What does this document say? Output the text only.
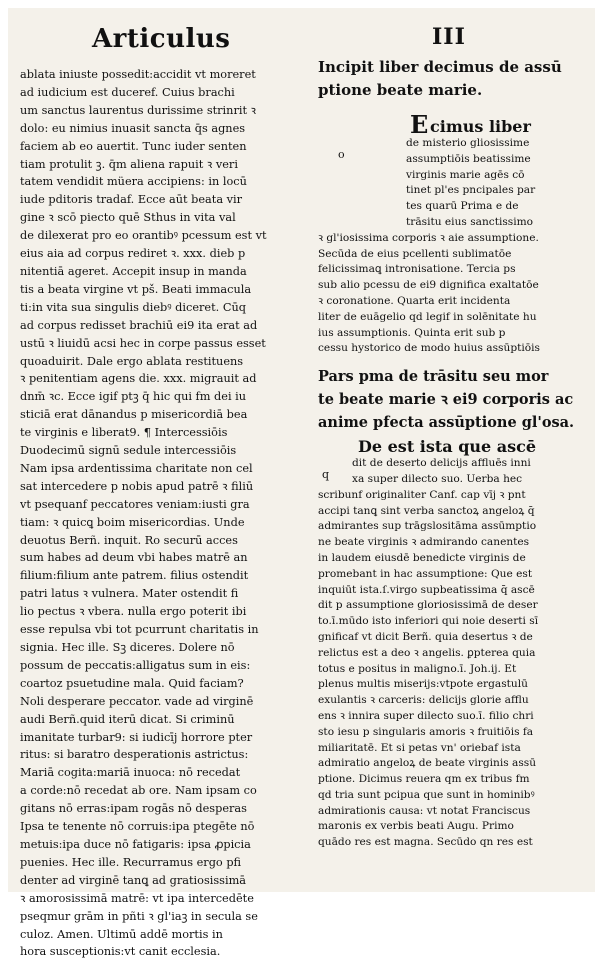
Articulus	III
ablata iniuste possedit:accidit vt moreret
ad iudicium est duceref. Cuius brachi
um sanctus laurentus durissime strinrit ꝛ
dolo: eu nimius inuasit sancta q̄s agnes
faciem ab eo auertit. Tunc iuder senten
tiam protulit ꝫ. q̄m aliena rapuit ꝛ veri
tatem vendidit müera accipiens: in locū
iude pditoris tradaf. Ecce aūt beata vir
gine ꝛ scō piecto quē Sthus in vita val
de dilexerat pro eo orantibꝰ pcessum est vt
eius aia ad corpus rediret ꝛ. xxx. dieb p
nitentiā ageret. Accepit insup in manda
tis a beata virgine vt pš. Beati immacula
ti:in vita sua singulis diebꝰ diceret. Cūq
ad corpus redisset brachiū ei9 ita erat ad
ustū ꝛ liuidū acsi hec in corpe passus esset
quoaduirit. Dale ergo ablata restituens
ꝛ penitentiam agens die. xxx. migrauit ad
dnm̄ ꝛc. Ecce igif ptꝫ q̄ hic qui fm dei iu
sticiā erat dānandus p misericordiā bea
te virginis e liberat9. ¶ Intercessiōis
Duodecimū signū sedule intercessiōis
Nam ipsa ardentissima charitate non cel
sat intercedere p nobis apud patrē ꝛ filiū
vt psequanf peccatores veniam:iusti gra
tiam: ꝛ quicꝗ boim misericordias. Unde
deuotus Berñ. inquit. Ro securū acces
sum habes ad deum vbi habes matrē an
filium:filium ante patrem. filius ostendit
patri latus ꝛ vulnera. Mater ostendit fi
lio pectus ꝛ vbera. nulla ergo poterit ibi
esse repulsa vbi tot pcurrunt charitatis in
signia. Hec ille. Sꝫ diceres. Dolere nō
possum de peccatis:alligatus sum in eis:
coartoz psuetudine mala. Quid faciam?
Noli desperare peccator. vade ad virginē
audi Berñ.quid iterū dicat. Si criminū
imanitate turbar9: si iudicīj horrore pter
ritus: si baratro desperationis astrictus:
Mariā cogita:mariā inuoca: nō recedat
a corde:nō recedat ab ore. Nam ipsam co
gitans nō erras:ipam rogās nō desperas
Ipsa te tenente nō corruis:ipa ptegēte nō
metuis:ipa duce nō fatigaris: ipsa ꝓpicia
puenies. Hec ille. Recurramus ergo pfi
denter ad virginē tanꝗ ad gratiosissimā
ꝛ amorosissimā matrē: vt ipa intercedēte
pseqmur grām in pñti ꝛ gl'iaꝫ in secula se
culoz. Amen. Ultimū addē mortis in
hora susceptionis:vt canit ecclesia.
Incipit liber decimus de assū
ptione beate marie.
E cimus liber
o
de misterio gliosissime
assumptiōis beatissime
virginis marie agēs cō
tinet pl'es pncipales par
tes quarū Prima e de
trāsitu eius sanctissimo
ꝛ gl'iosissima corporis ꝛ aie assumptione.
Secūda de eius pcellenti sublimatōe
felicissimaꝗ intronisatione. Tercia ps
sub alio pcessu de ei9 dignifica exaltatōe
ꝛ coronatione. Quarta erit incidenta
liter de euāgelio qd legif in solēnitate hu
ius assumptionis. Quinta erit sub p
cessu hystorico de modo huius assūptiōis
Pars pma de trāsitu seu mor
te beate marie ꝛ ei9 corporis ac
anime pfecta assūptione gl'osa.
De est ista que ascē
q
dit de deserto delicijs affluēs inni
xa super dilecto suo. Uerba hec
scribunf originaliter Canf. cap vīj ꝛ pnt
accipi tanꝗ sint verba sanctoꝝ angeloꝝ q̄
admirantes sup trāgslositāma assūmptio
ne beate virginis ꝛ admirando canentes
in laudem eiusdē benedicte virginis de
promebant in hac assumptione: Que est
inquiūt ista.ſ.virgo supbeatissima q̄ ascē
dit p assumptione gloriosissimā de deser
to.ī.mūdo isto inferiori qui noie deserti sī
gnificaf vt dicit Berñ. quia desertus ꝛ de
relictus est a deo ꝛ angelis. ꝑpterea quia
totus e positus in maligno.ī. Joh.ij. Et
plenus multis miserijs:vtpote ergastulū
exulantis ꝛ carceris: delicijs glorie afflu
ens ꝛ innira super dilecto suo.ī. filio chri
sto iesu p singularis amoris ꝛ fruitiōis fa
miliaritatē. Et si petas vn' oriebaf ista
admiratio angeloꝝ de beate virginis assū
ptione. Dicimus reuera qm ex tribus fm
qd tria sunt pcipua que sunt in hominibꝰ
admirationis causa: vt notat Franciscus
maronis ex verbis beati Augu. Primo
quādo res est magna. Secūdo qn res est
